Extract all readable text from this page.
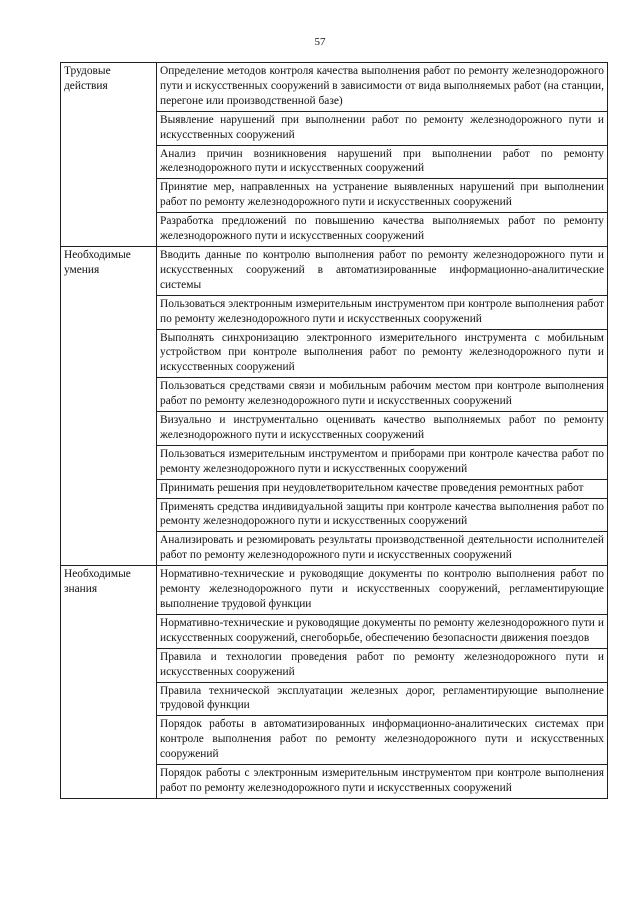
57
Трудовые действия	Определение методов контроля качества выполнения работ по ремонту железнодорожного пути и искусственных сооружений в зависимости от вида выполняемых работ (на станции, перегоне или производственной базе)
	Выявление нарушений при выполнении работ по ремонту железнодорожного пути и искусственных сооружений
	Анализ причин возникновения нарушений при выполнении работ по ремонту железнодорожного пути и искусственных сооружений
	Принятие мер, направленных на устранение выявленных нарушений при выполнении работ по ремонту железнодорожного пути и искусственных сооружений
	Разработка предложений по повышению качества выполняемых работ по ремонту железнодорожного пути и искусственных сооружений
Необходимые умения	Вводить данные по контролю выполнения работ по ремонту железнодорожного пути и искусственных сооружений в автоматизированные информационно-аналитические системы
	Пользоваться электронным измерительным инструментом при контроле выполнения работ по ремонту железнодорожного пути и искусственных сооружений
	Выполнять синхронизацию электронного измерительного инструмента с мобильным устройством при контроле выполнения работ по ремонту железнодорожного пути и искусственных сооружений
	Пользоваться средствами связи и мобильным рабочим местом при контроле выполнения работ по ремонту железнодорожного пути и искусственных сооружений
	Визуально и инструментально оценивать качество выполняемых работ по ремонту железнодорожного пути и искусственных сооружений
	Пользоваться измерительным инструментом и приборами при контроле качества работ по ремонту железнодорожного пути и искусственных сооружений
	Принимать решения при неудовлетворительном качестве проведения ремонтных работ
	Применять средства индивидуальной защиты при контроле качества выполнения работ по ремонту железнодорожного пути и искусственных сооружений
	Анализировать и резюмировать результаты производственной деятельности исполнителей работ по ремонту железнодорожного пути и искусственных сооружений
Необходимые знания	Нормативно-технические и руководящие документы по контролю выполнения работ по ремонту железнодорожного пути и искусственных сооружений, регламентирующие выполнение трудовой функции
	Нормативно-технические и руководящие документы по ремонту железнодорожного пути и искусственных сооружений, снегоборьбе, обеспечению безопасности движения поездов
	Правила и технологии проведения работ по ремонту железнодорожного пути и искусственных сооружений
	Правила технической эксплуатации железных дорог, регламентирующие выполнение трудовой функции
	Порядок работы в автоматизированных информационно-аналитических системах при контроле выполнения работ по ремонту железнодорожного пути и искусственных сооружений
	Порядок работы с электронным измерительным инструментом при контроле выполнения работ по ремонту железнодорожного пути и искусственных сооружений
